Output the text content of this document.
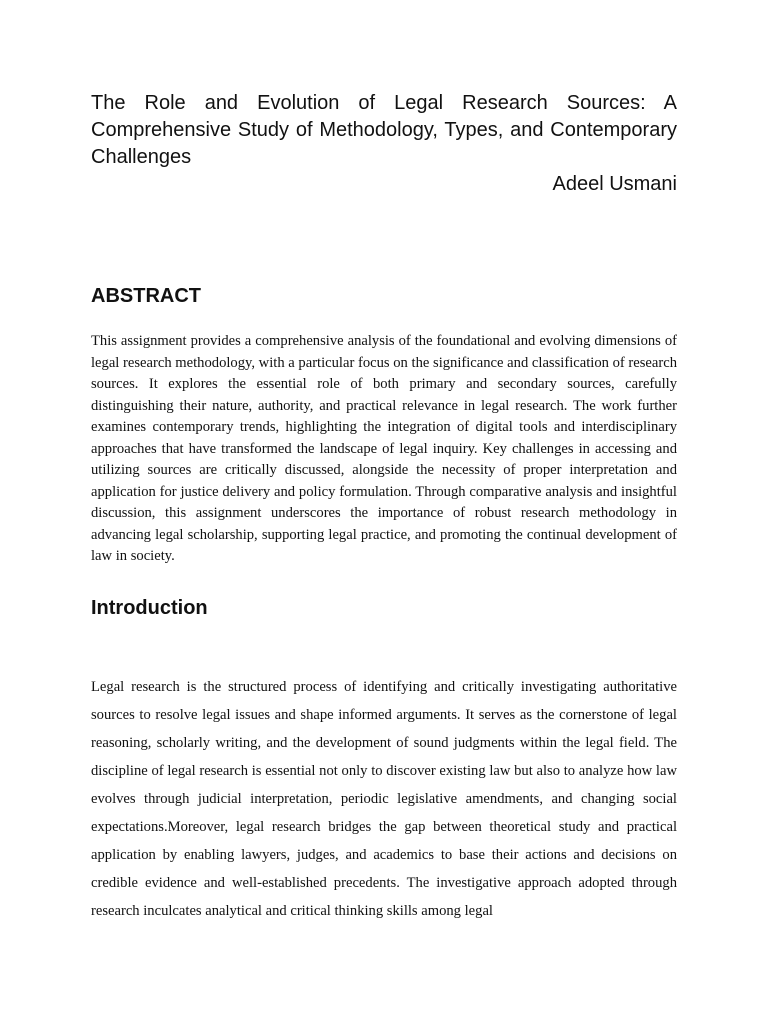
The Role and Evolution of Legal Research Sources: A Comprehensive Study of Methodology, Types, and Contemporary Challenges

Adeel Usmani

ABSTRACT

This assignment provides a comprehensive analysis of the foundational and evolving dimensions of legal research methodology, with a particular focus on the significance and classification of research sources. It explores the essential role of both primary and secondary sources, carefully distinguishing their nature, authority, and practical relevance in legal research. The work further examines contemporary trends, highlighting the integration of digital tools and interdisciplinary approaches that have transformed the landscape of legal inquiry. Key challenges in accessing and utilizing sources are critically discussed, alongside the necessity of proper interpretation and application for justice delivery and policy formulation. Through comparative analysis and insightful discussion, this assignment underscores the importance of robust research methodology in advancing legal scholarship, supporting legal practice, and promoting the continual development of law in society.

Introduction

Legal research is the structured process of identifying and critically investigating authoritative sources to resolve legal issues and shape informed arguments. It serves as the cornerstone of legal reasoning, scholarly writing, and the development of sound judgments within the legal field. The discipline of legal research is essential not only to discover existing law but also to analyze how law evolves through judicial interpretation, periodic legislative amendments, and changing social expectations.Moreover, legal research bridges the gap between theoretical study and practical application by enabling lawyers, judges, and academics to base their actions and decisions on credible evidence and well-established precedents. The investigative approach adopted through research inculcates analytical and critical thinking skills among legal
